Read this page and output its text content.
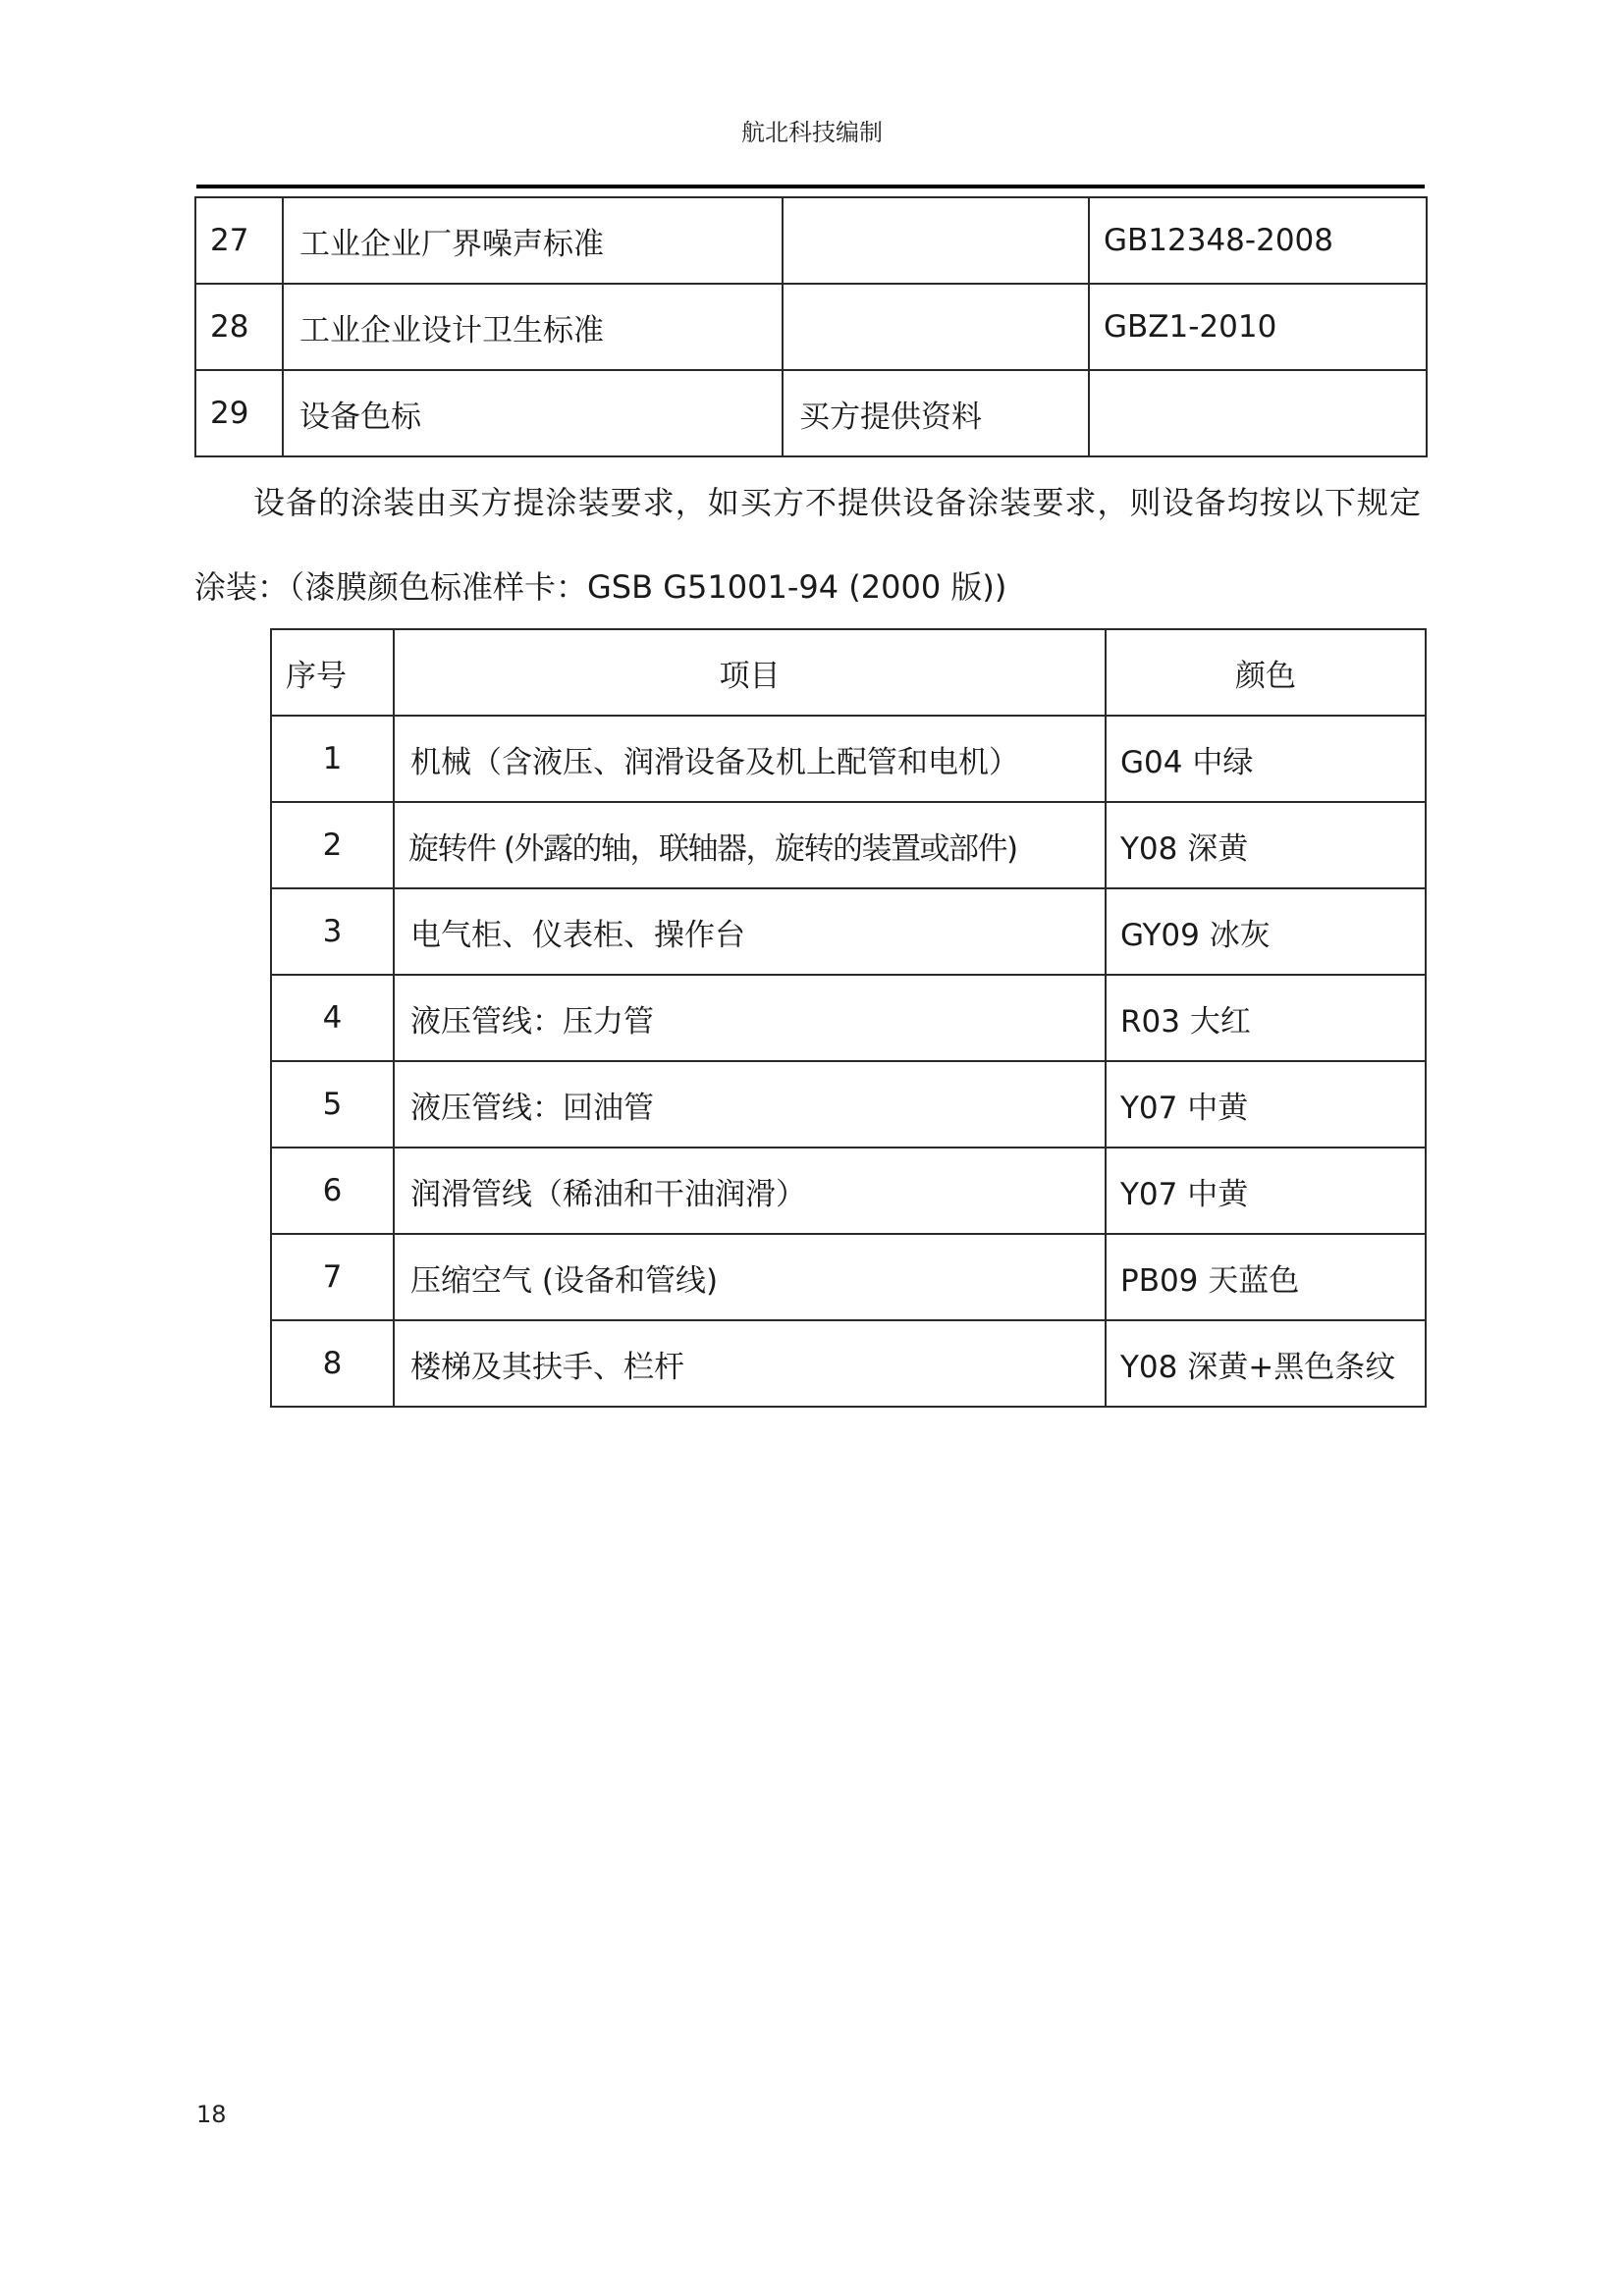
航北科技编制
27	工业企业厂界噪声标准		GB12348-2008
28	工业企业设计卫生标准		GBZ1-2010
29	设备色标	买方提供资料	
设备的涂装由买方提涂装要求，如买方不提供设备涂装要求，则设备均按以下规定
涂装：（漆膜颜色标准样卡：GSB G51001-94 (2000 版))
序号	项目	颜色
1	机械（含液压、润滑设备及机上配管和电机）	G04 中绿
2	旋转件 (外露的轴，联轴器，旋转的装置或部件)	Y08 深黄
3	电气柜、仪表柜、操作台	GY09 冰灰
4	液压管线：压力管	R03 大红
5	液压管线：回油管	Y07 中黄
6	润滑管线（稀油和干油润滑）	Y07 中黄
7	压缩空气 (设备和管线)	PB09 天蓝色
8	楼梯及其扶手、栏杆	Y08 深黄+黑色条纹
18
